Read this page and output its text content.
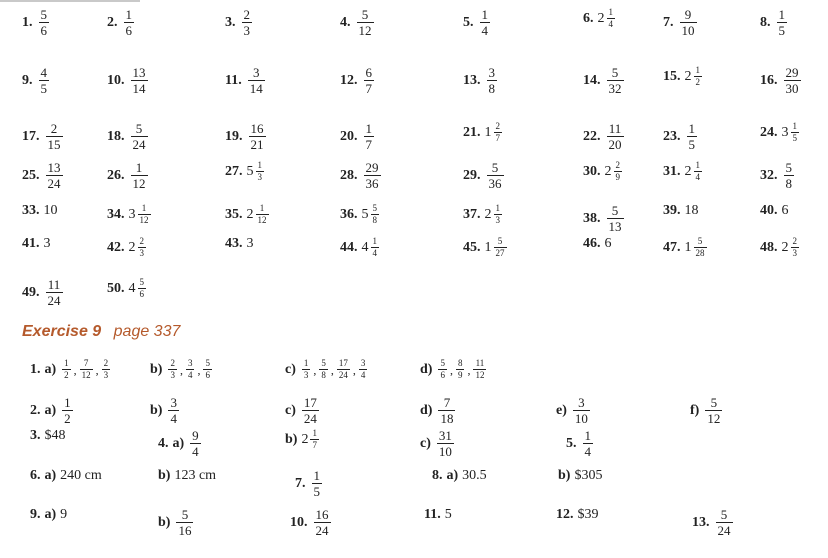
1. $\frac{5}{6}$	2. $\frac{1}{6}$	3. $\frac{2}{3}$	4. $\frac{5}{12}$	5. $\frac{1}{4}$	6. $2 \frac{1}{4}$	7. $\frac{9}{10}$	8. $\frac{1}{5}$
9. $\frac{4}{5}$	10. $\frac{13}{14}$	11. $\frac{3}{14}$	12. $\frac{6}{7}$	13. $\frac{3}{8}$	14. $\frac{5}{32}$	15. $2 \frac{1}{2}$	16. $\frac{29}{30}$
17. $\frac{2}{15}$	18. $\frac{5}{24}$	19. $\frac{16}{21}$	20. $\frac{1}{7}$	21. $1 \frac{2}{7}$	22. $\frac{11}{20}$	23. $\frac{1}{5}$	24. $3 \frac{1}{5}$
25. $\frac{13}{24}$	26. $\frac{1}{12}$	27. $5 \frac{1}{3}$	28. $\frac{29}{36}$	29. $\frac{5}{36}$	30. $2 \frac{2}{9}$	31. $2 \frac{1}{4}$	32. $\frac{5}{8}$
33. 10	34. $3 \frac{1}{12}$	35. $2 \frac{1}{12}$	36. $5 \frac{5}{8}$	37. $2 \frac{1}{3}$	38. $\frac{5}{13}$	39. 18	40. 6
41. 3	42. $2 \frac{2}{3}$	43. 3	44. $4 \frac{1}{4}$	45. $1 \frac{5}{27}$	46. 6	47. $1 \frac{5}{28}$	48. $2 \frac{2}{3}$
49. $\frac{11}{24}$	50. $4 \frac{5}{6}$
Exercise 9 page 337
1. $a) \frac{1}{2}$ , $\frac{7}{12}$ , $\frac{2}{3}$	$b) \frac{2}{3}$ , $\frac{3}{4}$ , $\frac{5}{6}$	$c) \frac{1}{3}$ , $\frac{5}{8}$ , $\frac{17}{24}$ , $\frac{3}{4}$	$d) \frac{5}{6}$ , $\frac{8}{9}$ , $\frac{11}{12}$
2. $a) \frac{1}{2}$	$b) \frac{3}{4}$	$c) \frac{17}{24}$	$d) \frac{7}{18}$	$e) \frac{3}{10}$	$f) \frac{5}{12}$
3. $48	4. $a) \frac{9}{4}$	b) $2 \frac{1}{7}$	$c) \frac{31}{10}$	5. $\frac{1}{4}$
6. a) 240 cm	b) 123 cm	7. $\frac{1}{5}$	8. a) 30.5	b) $305
9. a) 9	$b) \frac{5}{16}$	10. $\frac{16}{24}$	11. 5	12. $39	13. $\frac{5}{24}$
